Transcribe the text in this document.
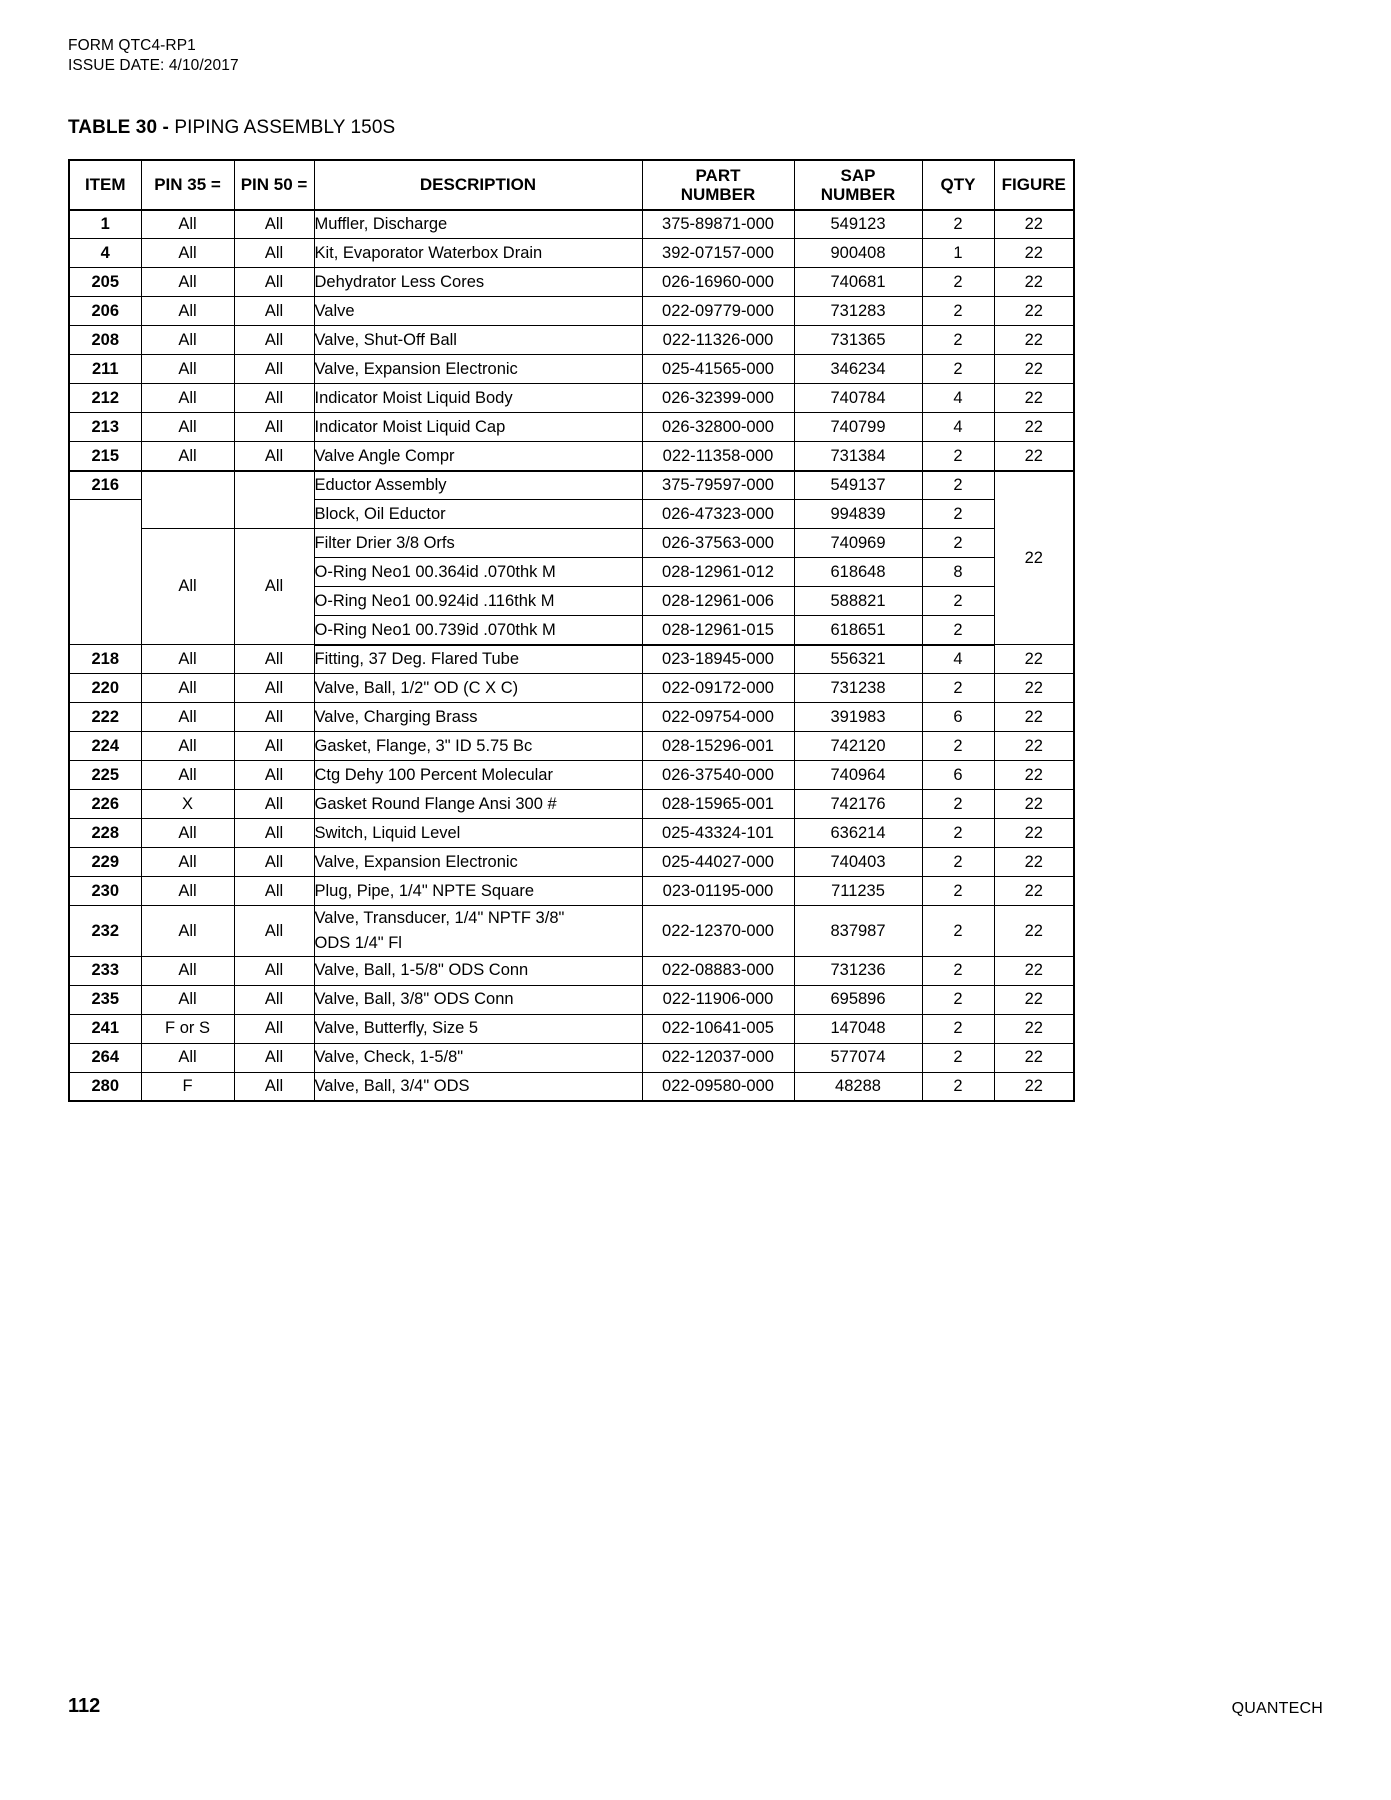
FORM QTC4-RP1
ISSUE DATE: 4/10/2017
TABLE 30 - PIPING ASSEMBLY 150S
ITEM	PIN 35 =	PIN 50 =	DESCRIPTION	PART
NUMBER	SAP
NUMBER	QTY	FIGURE

1	All	All	Muffler, Discharge	375-89871-000	549123	2	22
4	All	All	Kit, Evaporator Waterbox Drain	392-07157-000	900408	1	22
205	All	All	Dehydrator Less Cores	026-16960-000	740681	2	22
206	All	All	Valve	022-09779-000	731283	2	22
208	All	All	Valve, Shut-Off Ball	022-11326-000	731365	2	22
211	All	All	Valve, Expansion Electronic	025-41565-000	346234	2	22
212	All	All	Indicator Moist Liquid Body	026-32399-000	740784	4	22
213	All	All	Indicator Moist Liquid Cap	026-32800-000	740799	4	22
215	All	All	Valve Angle Compr	022-11358-000	731384	2	22
216			Eductor Assembly	375-79597-000	549137	2	22
			Block, Oil Eductor	026-47323-000	994839	2	
	All	All	Filter Drier 3/8 Orfs	026-37563-000	740969	2	
			O-Ring Neo1 00.364id .070thk M	028-12961-012	618648	8	
			O-Ring Neo1 00.924id .116thk M	028-12961-006	588821	2	
			O-Ring Neo1 00.739id .070thk M	028-12961-015	618651	2	
218	All	All	Fitting, 37 Deg. Flared Tube	023-18945-000	556321	4	22
220	All	All	Valve, Ball, 1/2" OD (C X C)	022-09172-000	731238	2	22
222	All	All	Valve, Charging Brass	022-09754-000	391983	6	22
224	All	All	Gasket, Flange, 3" ID 5.75 Bc	028-15296-001	742120	2	22
225	All	All	Ctg Dehy 100 Percent Molecular	026-37540-000	740964	6	22
226	X	All	Gasket Round Flange Ansi 300 #	028-15965-001	742176	2	22
228	All	All	Switch, Liquid Level	025-43324-101	636214	2	22
229	All	All	Valve, Expansion Electronic	025-44027-000	740403	2	22
230	All	All	Plug, Pipe, 1/4" NPTE Square	023-01195-000	711235	2	22
232	All	All	Valve, Transducer, 1/4" NPTF 3/8"
ODS 1/4" Fl	022-12370-000	837987	2	22
233	All	All	Valve, Ball, 1-5/8" ODS Conn	022-08883-000	731236	2	22
235	All	All	Valve, Ball, 3/8" ODS Conn	022-11906-000	695896	2	22
241	F or S	All	Valve, Butterfly, Size 5	022-10641-005	147048	2	22
264	All	All	Valve, Check, 1-5/8"	022-12037-000	577074	2	22
280	F	All	Valve, Ball, 3/4" ODS	022-09580-000	48288	2	22
112	QUANTECH
